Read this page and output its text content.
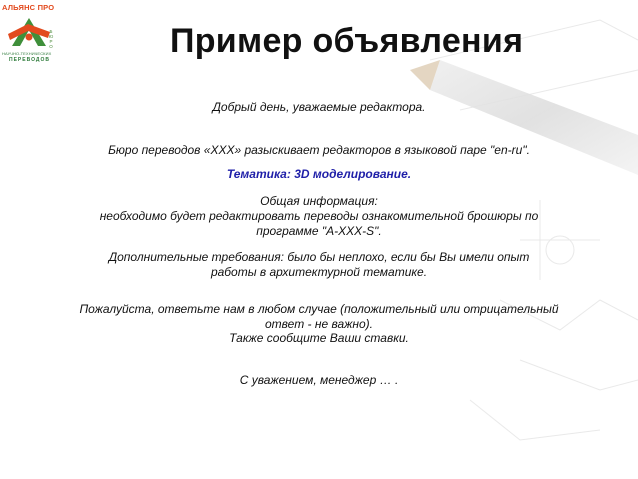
АЛЬЯНС ПРО
Б Ю Р О
НАУЧНО-ТЕХНИЧЕСКИХ
ПЕРЕВОДОВ	Пример объявления
Добрый день, уважаемые редактора.
Бюро переводов «XXX» разыскивает редакторов в языковой паре "en-ru".
Тематика: 3D моделирование.
Общая информация:
необходимо будет редактировать переводы ознакомительной брошюры по
программе "A-XXX-S".
Дополнительные требования: было бы неплохо, если бы Вы имели опыт
работы в архитектурной тематике.
Пожалуйста, ответьте нам в любом случае (положительный или отрицательный
ответ - не важно).
Также сообщите Ваши ставки.
С уважением, менеджер … .
